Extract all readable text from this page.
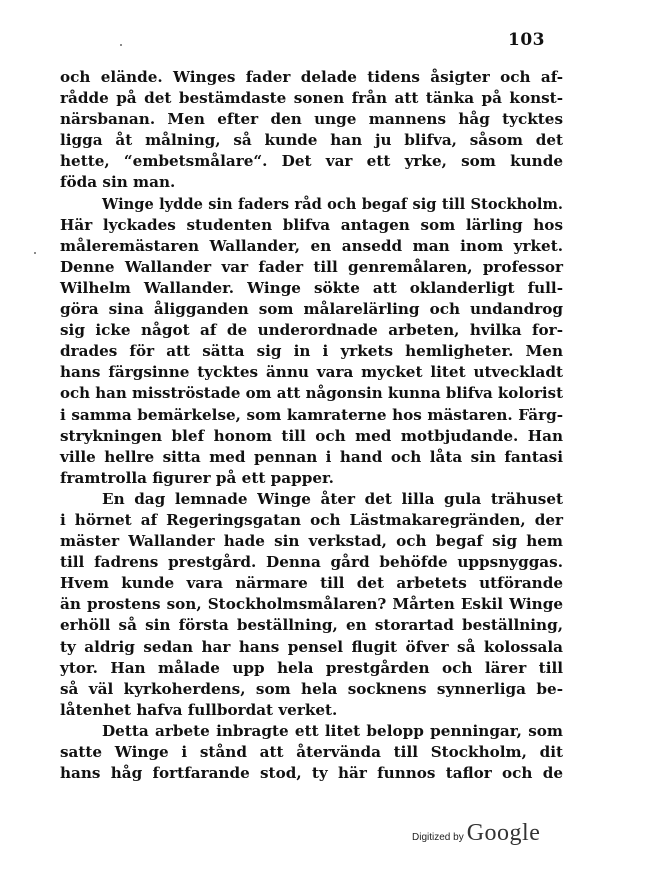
103
och elände. Winges fader delade tidens åsigter och af-
rådde på det bestämdaste sonen från att tänka på konst-
närsbanan. Men efter den unge mannens håg tycktes
ligga åt målning, så kunde han ju blifva, såsom det
hette, “embetsmålare“. Det var ett yrke, som kunde
föda sin man.
Winge lydde sin faders råd och begaf sig till Stockholm.
Här lyckades studenten blifva antagen som lärling hos
måleremästaren Wallander, en ansedd man inom yrket.
Denne Wallander var fader till genremålaren, professor
Wilhelm Wallander. Winge sökte att oklanderligt full-
göra sina åligganden som målarelärling och undandrog
sig icke något af de underordnade arbeten, hvilka for-
drades för att sätta sig in i yrkets hemligheter. Men
hans färgsinne tycktes ännu vara mycket litet utveckladt
och han misströstade om att någonsin kunna blifva kolorist
i samma bemärkelse, som kamraterne hos mästaren. Färg-
strykningen blef honom till och med motbjudande. Han
ville hellre sitta med pennan i hand och låta sin fantasi
framtrolla figurer på ett papper.
En dag lemnade Winge åter det lilla gula trähuset
i hörnet af Regeringsgatan och Lästmakaregränden, der
mäster Wallander hade sin verkstad, och begaf sig hem
till fadrens prestgård. Denna gård behöfde uppsnyggas.
Hvem kunde vara närmare till det arbetets utförande
än prostens son, Stockholmsmålaren? Mårten Eskil Winge
erhöll så sin första beställning, en storartad beställning,
ty aldrig sedan har hans pensel flugit öfver så kolossala
ytor. Han målade upp hela prestgården och lärer till
så väl kyrkoherdens, som hela socknens synnerliga be-
låtenhet hafva fullbordat verket.
Detta arbete inbragte ett litet belopp penningar, som
satte Winge i stånd att återvända till Stockholm, dit
hans håg fortfarande stod, ty här funnos taflor och de
Digitized by Google
